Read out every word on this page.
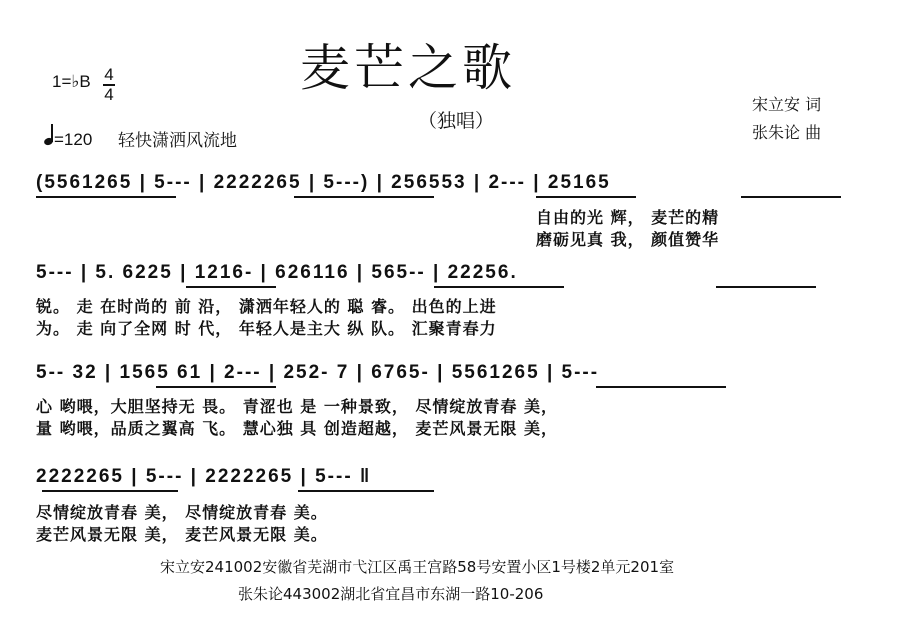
麦芒之歌
（独唱）
1=♭B 4
4
=120 轻快潇洒风流地
宋立安 词
张朱论 曲
(5561265 | 5--- | 2222265 | 5---) | 256553 | 2--- | 25165
自由的光 辉， 麦芒的精
磨砺见真 我， 颜值赞华
5--- | 5. 6225 | 1216- | 626116 | 565-- | 22256.
锐。 走 在时尚的 前 沿， 潇洒年轻人的 聪 睿。 出色的上进
为。 走 向了全网 时 代， 年轻人是主大 纵 队。 汇聚青春力
5-- 32 | 1565 61 | 2--- | 252- 7 | 6765- | 5561265 | 5---
心 哟喂，大胆坚持无 畏。 青涩也 是 一种景致， 尽情绽放青春 美，
量 哟喂，品质之翼高 飞。 慧心独 具 创造超越， 麦芒风景无限 美，
2222265 | 5--- | 2222265 | 5--- ‖
尽情绽放青春 美， 尽情绽放青春 美。
麦芒风景无限 美， 麦芒风景无限 美。
宋立安241002安徽省芜湖市弋江区禹王宫路58号安置小区1号楼2单元201室
张朱论443002湖北省宜昌市东湖一路10-206
